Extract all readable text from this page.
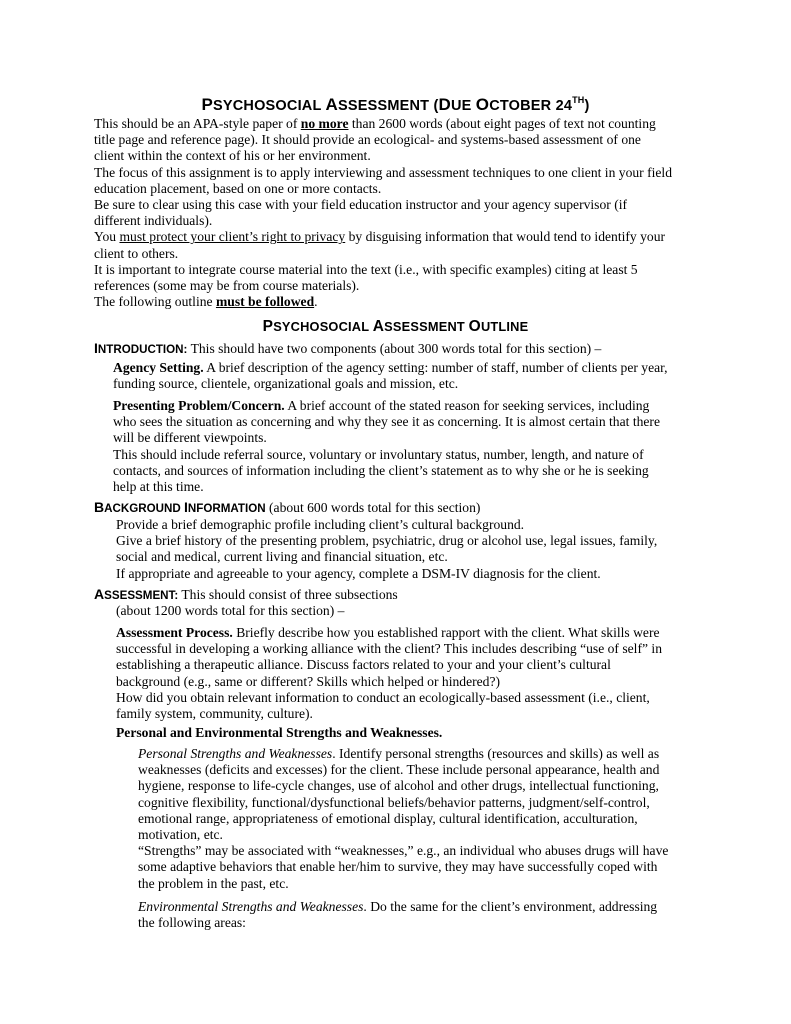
PSYCHOSOCIAL ASSESSMENT (DUE OCTOBER 24TH)
This should be an APA-style paper of no more than 2600 words (about eight pages of text not counting
title page and reference page). It should provide an ecological- and systems-based assessment of one
client within the context of his or her environment.
The focus of this assignment is to apply interviewing and assessment techniques to one client in your field
education placement, based on one or more contacts.
Be sure to clear using this case with your field education instructor and your agency supervisor (if
different individuals).
You must protect your client’s right to privacy by disguising information that would tend to identify your
client to others.
It is important to integrate course material into the text (i.e., with specific examples) citing at least 5
references (some may be from course materials).
The following outline must be followed.
PSYCHOSOCIAL ASSESSMENT OUTLINE
INTRODUCTION: This should have two components (about 300 words total for this section) –
Agency Setting. A brief description of the agency setting: number of staff, number of clients per year,
funding source, clientele, organizational goals and mission, etc.
Presenting Problem/Concern. A brief account of the stated reason for seeking services, including
who sees the situation as concerning and why they see it as concerning. It is almost certain that there
will be different viewpoints.
This should include referral source, voluntary or involuntary status, number, length, and nature of
contacts, and sources of information including the client’s statement as to why she or he is seeking
help at this time.
BACKGROUND INFORMATION (about 600 words total for this section)
Provide a brief demographic profile including client’s cultural background.
Give a brief history of the presenting problem, psychiatric, drug or alcohol use, legal issues, family,
social and medical, current living and financial situation, etc.
If appropriate and agreeable to your agency, complete a DSM-IV diagnosis for the client.
ASSESSMENT: This should consist of three subsections
(about 1200 words total for this section) –
Assessment Process. Briefly describe how you established rapport with the client. What skills were
successful in developing a working alliance with the client? This includes describing “use of self” in
establishing a therapeutic alliance. Discuss factors related to your and your client’s cultural
background (e.g., same or different? Skills which helped or hindered?)
How did you obtain relevant information to conduct an ecologically-based assessment (i.e., client,
family system, community, culture).
Personal and Environmental Strengths and Weaknesses.
Personal Strengths and Weaknesses. Identify personal strengths (resources and skills) as well as
weaknesses (deficits and excesses) for the client. These include personal appearance, health and
hygiene, response to life-cycle changes, use of alcohol and other drugs, intellectual functioning,
cognitive flexibility, functional/dysfunctional beliefs/behavior patterns, judgment/self-control,
emotional range, appropriateness of emotional display, cultural identification, acculturation,
motivation, etc.
“Strengths” may be associated with “weaknesses,” e.g., an individual who abuses drugs will have
some adaptive behaviors that enable her/him to survive, they may have successfully coped with
the problem in the past, etc.
Environmental Strengths and Weaknesses. Do the same for the client’s environment, addressing
the following areas:
